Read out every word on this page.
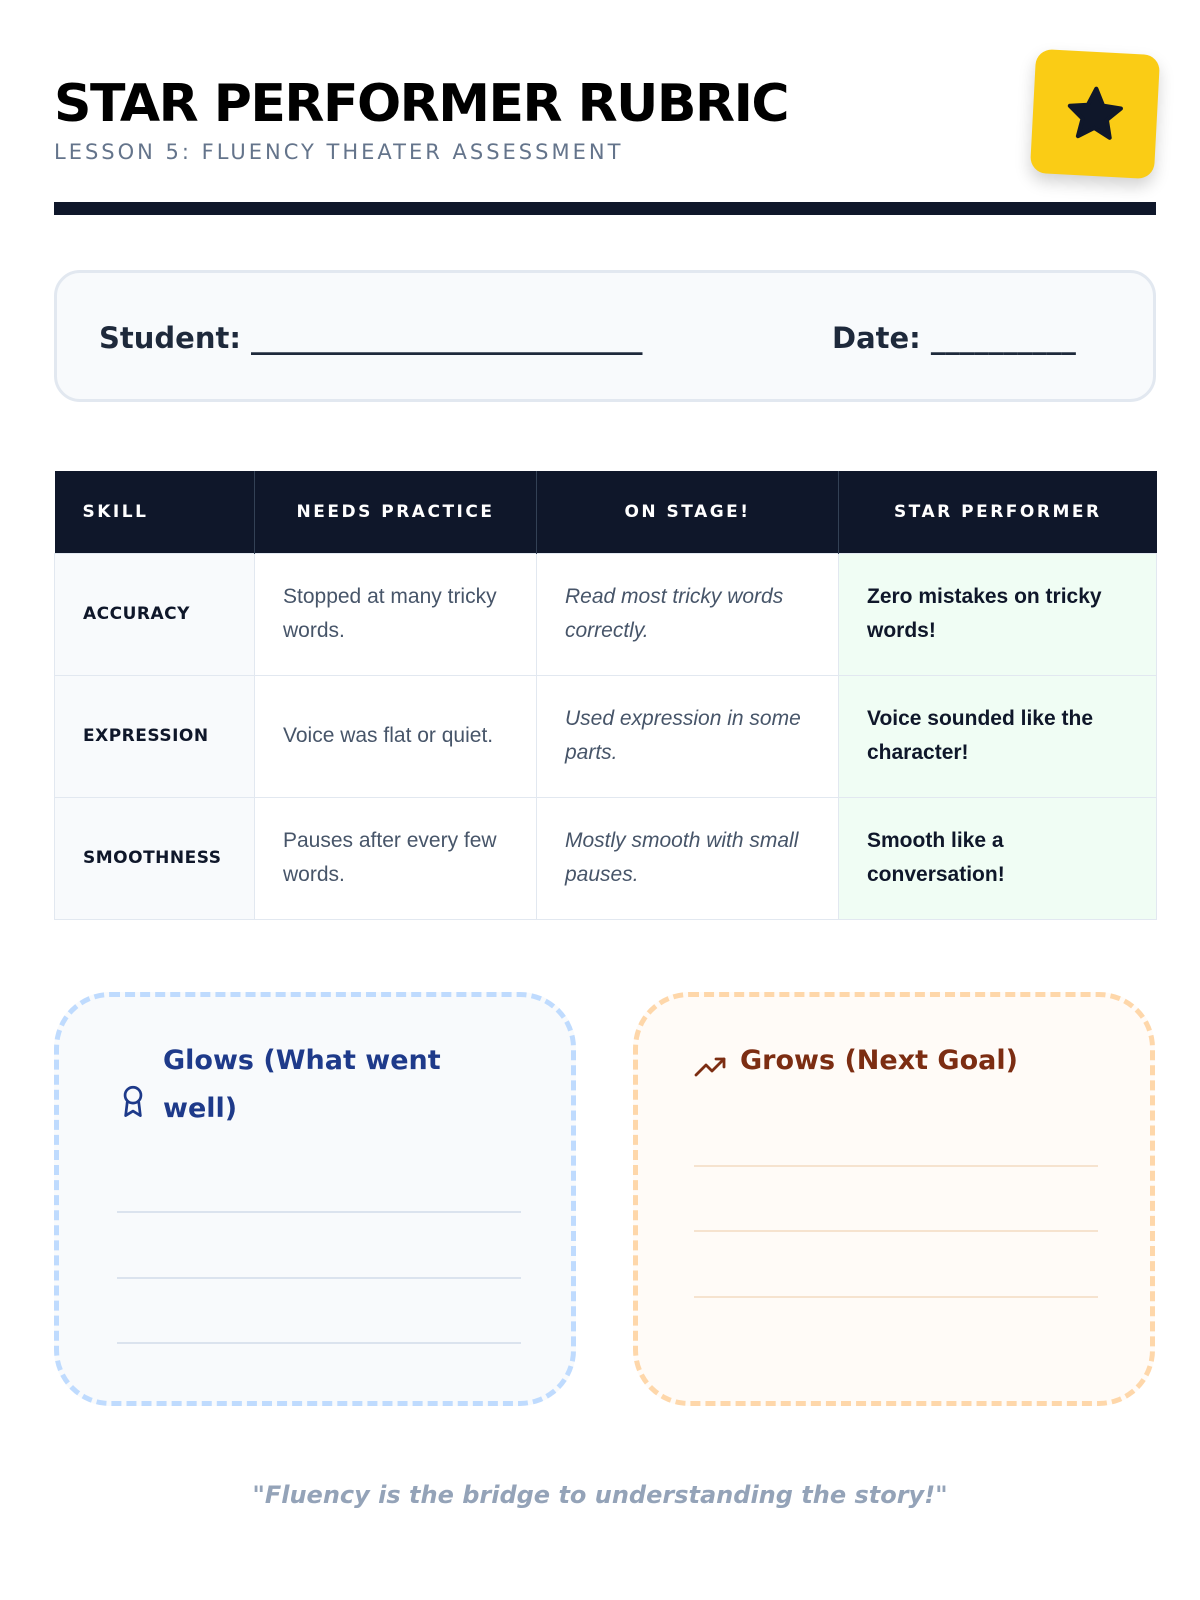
STAR PERFORMER RUBRIC
LESSON 5: FLUENCY THEATER ASSESSMENT
Student: ___________________________	Date: __________
SKILL	NEEDS PRACTICE	ON STAGE!	STAR PERFORMER
ACCURACY	Stopped at many tricky words.	Read most tricky words correctly.	Zero mistakes on tricky words!
EXPRESSION	Voice was flat or quiet.	Used expression in some parts.	Voice sounded like the character!
SMOOTHNESS	Pauses after every few words.	Mostly smooth with small pauses.	Smooth like a conversation!
Glows (What went well)
Grows (Next Goal)
"Fluency is the bridge to understanding the story!"
